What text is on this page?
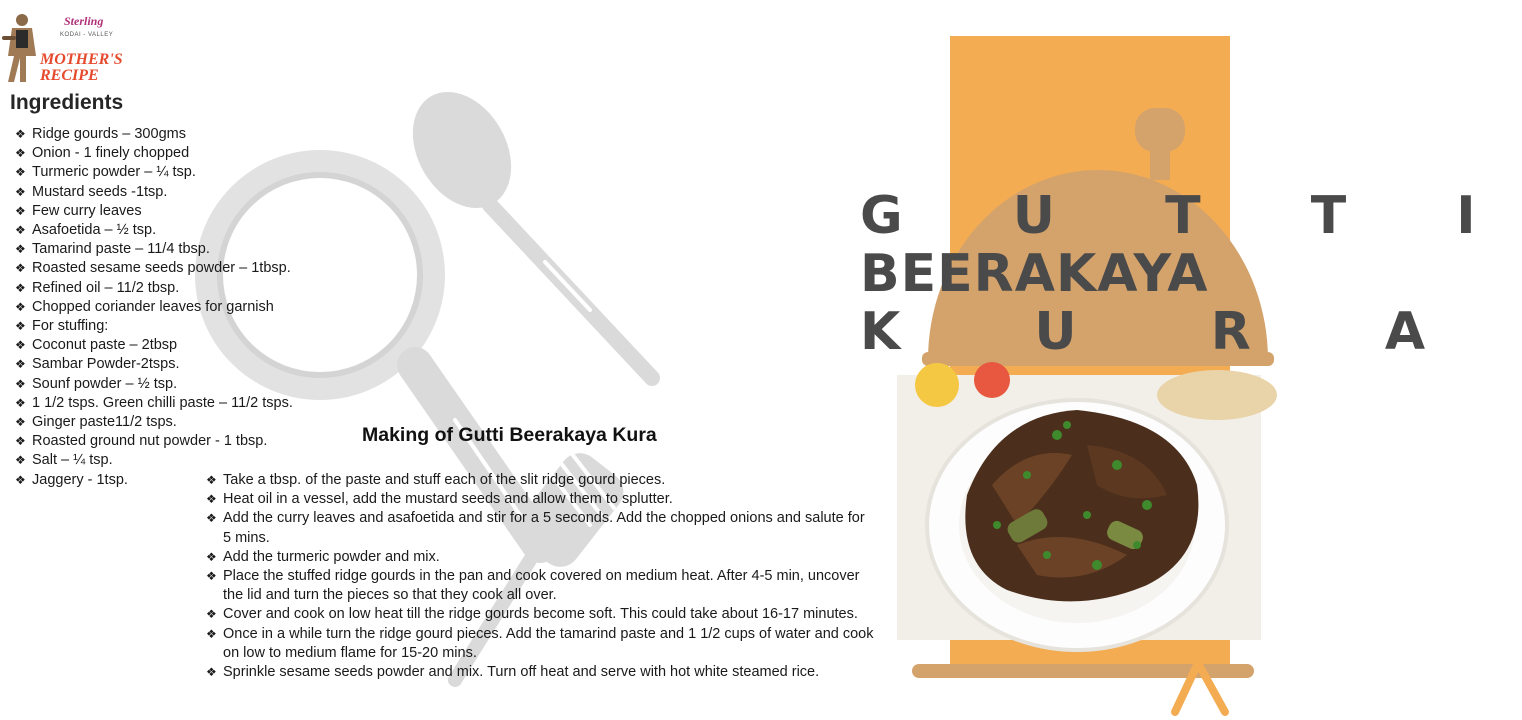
Sterling
KODAI - VALLEY
MOTHER'S
RECIPE
Ingredients
❖ Ridge gourds – 300gms
❖ Onion - 1 finely chopped
❖ Turmeric powder – ¼ tsp.
❖ Mustard seeds -1tsp.
❖ Few curry leaves
❖ Asafoetida – ½ tsp.
❖ Tamarind paste – 11/4 tbsp.
❖ Roasted sesame seeds powder – 1tbsp.
❖ Refined oil – 11/2 tbsp.
❖ Chopped coriander leaves for garnish
❖ For stuffing:
❖ Coconut paste – 2tbsp
❖ Sambar Powder-2tsps.
❖ Sounf powder – ½ tsp.
❖ 1 1/2 tsps. Green chilli paste – 11/2 tsps.
❖ Ginger paste11/2 tsps.
❖ Roasted ground nut powder - 1 tbsp.
❖ Salt – ¼ tsp.
❖ Jaggery - 1tsp.
Making of Gutti Beerakaya Kura
❖ Take a tbsp. of the paste and stuff each of the slit ridge gourd pieces.
❖ Heat oil in a vessel, add the mustard seeds and allow them to splutter.
❖ Add the curry leaves and asafoetida and stir for a 5 seconds. Add the chopped onions and salute for 5 mins.
❖ Add the turmeric powder and mix.
❖ Place the stuffed ridge gourds in the pan and cook covered on medium heat. After 4-5 min, uncover the lid and turn the pieces so that they cook all over.
❖ Cover and cook on low heat till the ridge gourds become soft. This could take about 16-17 minutes.
❖ Once in a while turn the ridge gourd pieces. Add the tamarind paste and 1 1/2 cups of water and cook on low to medium flame for 15-20 mins.
❖ Sprinkle sesame seeds powder and mix. Turn off heat and serve with hot white steamed rice.
G U T T I
BEERAKAYA
K U R A
